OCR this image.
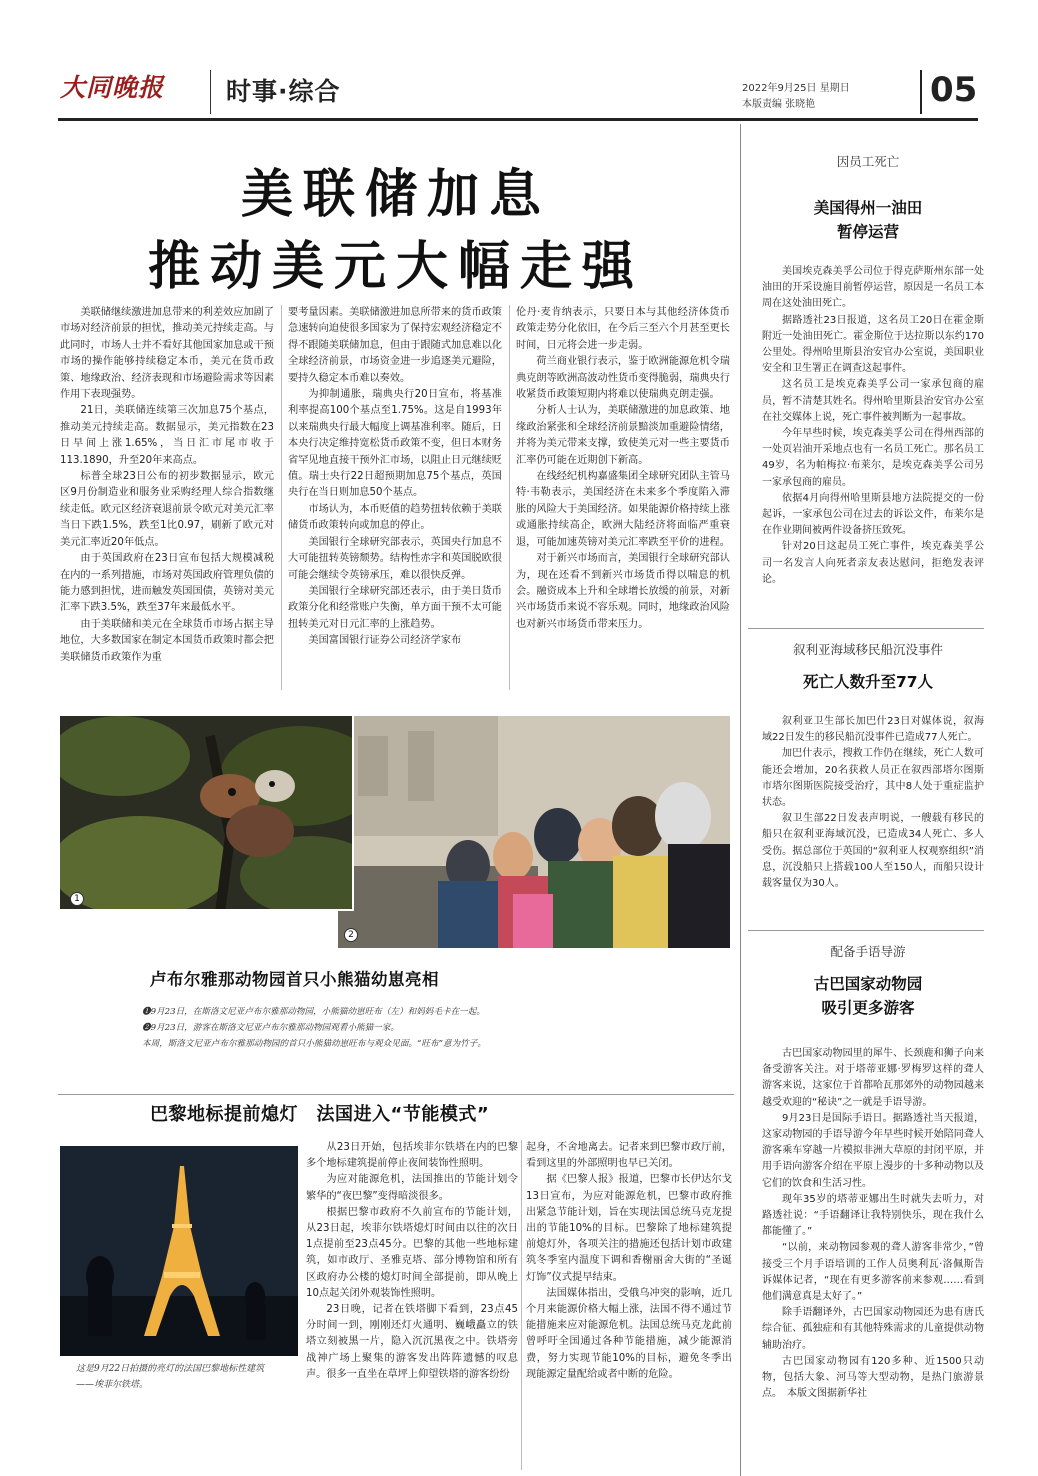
大同晚报	时事·综合	2022年9月25日 星期日
本版责编 张晓艳	05
美联储加息
推动美元大幅走强

美联储继续激进加息带来的利差效应加剧了市场对经济前景的担忧，推动美元持续走高。与此同时，市场人士并不看好其他国家加息或干预市场的操作能够持续稳定本币，美元在货币政策、地缘政治、经济表现和市场避险需求等因素作用下表现强势。

21日，美联储连续第三次加息75个基点，推动美元持续走高。数据显示，美元指数在23日早间上涨1.65%，当日汇市尾市收于113.1890，升至20年来高点。

标普全球23日公布的初步数据显示，欧元区9月份制造业和服务业采购经理人综合指数继续走低。欧元区经济衰退前景令欧元对美元汇率当日下跌1.5%，跌至1比0.97，刷新了欧元对美元汇率近20年低点。

由于英国政府在23日宣布包括大规模减税在内的一系列措施，市场对英国政府管理负债的能力感到担忧，进而触发英国国债，英镑对美元汇率下跌3.5%，跌至37年来最低水平。

由于美联储和美元在全球货币市场占据主导地位，大多数国家在制定本国货币政策时都会把美联储货币政策作为重

要考量因素。美联储激进加息所带来的货币政策急速转向迫使很多国家为了保持宏观经济稳定不得不跟随美联储加息，但由于跟随式加息难以化全球经济前景，市场资金进一步追逐美元避险，要持久稳定本币难以奏效。

为抑制通胀，瑞典央行20日宣布，将基准利率提高100个基点至1.75%。这是自1993年以来瑞典央行最大幅度上调基准利率。随后，日本央行决定维持宽松货币政策不变，但日本财务省罕见地直接干预外汇市场，以阻止日元继续贬值。瑞士央行22日超预期加息75个基点，英国央行在当日则加息50个基点。

市场认为，本币贬值的趋势扭转依赖于美联储货币政策转向或加息的停止。

美国银行全球研究部表示，英国央行加息不大可能扭转英镑颓势。结构性赤字和英国脱欧很可能会继续令英镑承压，难以很快反弹。

美国银行全球研究部还表示，由于美日货币政策分化和经常账户失衡，单方面干预不太可能扭转美元对日元汇率的上涨趋势。

美国富国银行证券公司经济学家布

伦丹·麦肯纳表示，只要日本与其他经济体货币政策走势分化依旧，在今后三至六个月甚至更长时间，日元将会进一步走弱。

荷兰商业银行表示，鉴于欧洲能源危机令瑞典克朗等欧洲高波动性货币变得脆弱，瑞典央行收紧货币政策短期内将难以使瑞典克朗走强。

分析人士认为，美联储激进的加息政策、地缘政治紧张和全球经济前景黯淡加重避险情绪，并将为美元带来支撑，致使美元对一些主要货币汇率仍可能在近期创下新高。

在线经纪机构嘉盛集团全球研究团队主管马特·韦勒表示，美国经济在未来多个季度陷入滞胀的风险大于美国经济。如果能源价格持续上涨或通胀持续高企，欧洲大陆经济将面临严重衰退，可能加速英镑对美元汇率跌至平价的进程。

对于新兴市场而言，美国银行全球研究部认为，现在还看不到新兴市场货币得以喘息的机会。融资成本上升和全球增长放缓的前景，对新兴市场货币来说不容乐观。同时，地缘政治风险也对新兴市场货币带来压力。

2
1
卢布尔雅那动物园首只小熊猫幼崽亮相
❶9月23日，在斯洛文尼亚卢布尔雅那动物园，小熊猫幼崽旺布（左）和妈妈毛卡在一起。
❷9月23日，游客在斯洛文尼亚卢布尔雅那动物园观看小熊猫一家。
本周，斯洛文尼亚卢布尔雅那动物园的首只小熊猫幼崽旺布与观众见面。“旺布”意为竹子。
巴黎地标提前熄灯　法国进入“节能模式”
这是9月22日拍摄的亮灯的法国巴黎地标性建筑——埃菲尔铁塔。

从23日开始，包括埃菲尔铁塔在内的巴黎多个地标建筑提前停止夜间装饰性照明。

为应对能源危机，法国推出的节能计划令繁华的“夜巴黎”变得暗淡很多。

根据巴黎市政府不久前宣布的节能计划，从23日起，埃菲尔铁塔熄灯时间由以往的次日1点提前至23点45分。巴黎的其他一些地标建筑，如市政厅、圣雅克塔、部分博物馆和所有区政府办公楼的熄灯时间全部提前，即从晚上10点起关闭外观装饰性照明。

23日晚，记者在铁塔脚下看到，23点45分时间一到，刚刚还灯火通明、巍峨矗立的铁塔立刻被黑一片，隐入沉沉黑夜之中。铁塔旁战神广场上聚集的游客发出阵阵遗憾的叹息声。很多一直坐在草坪上仰望铁塔的游客纷纷

起身，不舍地离去。记者来到巴黎市政厅前，看到这里的外部照明也早已关闭。

据《巴黎人报》报道，巴黎市长伊达尔戈13日宣布，为应对能源危机，巴黎市政府推出紧急节能计划，旨在实现法国总统马克龙提出的节能10%的目标。巴黎除了地标建筑提前熄灯外，各项关注的措施还包括计划市政建筑冬季室内温度下调和香榭丽舍大街的“圣诞灯饰”仪式提早结束。

法国媒体指出，受俄乌冲突的影响，近几个月来能源价格大幅上涨，法国不得不通过节能措施来应对能源危机。法国总统马克龙此前曾呼吁全国通过各种节能措施，减少能源消费，努力实现节能10%的目标，避免冬季出现能源定量配给或者中断的危险。

因员工死亡
美国得州一油田
暂停运营

美国埃克森美孚公司位于得克萨斯州东部一处油田的开采设施目前暂停运营，原因是一名员工本周在这处油田死亡。

据路透社23日报道，这名员工20日在霍金斯附近一处油田死亡。霍金斯位于达拉斯以东约170公里处。得州哈里斯县治安官办公室说，美国职业安全和卫生署正在调查这起事件。

这名员工是埃克森美孚公司一家承包商的雇员，暂不清楚其姓名。得州哈里斯县治安官办公室在社交媒体上说，死亡事件被判断为一起事故。

今年早些时候，埃克森美孚公司在得州西部的一处页岩油开采地点也有一名员工死亡。那名员工49岁，名为帕梅拉·布莱尔，是埃克森美孚公司另一家承包商的雇员。

依据4月向得州哈里斯县地方法院提交的一份起诉，一家承包公司在过去的诉讼文件，布莱尔是在作业期间被两件设备挤压致死。

针对20日这起员工死亡事件，埃克森美孚公司一名发言人向死者亲友表达慰问，拒绝发表评论。

叙利亚海域移民船沉没事件
死亡人数升至77人

叙利亚卫生部长加巴什23日对媒体说，叙海域22日发生的移民船沉没事件已造成77人死亡。

加巴什表示，搜救工作仍在继续，死亡人数可能还会增加，20名获救人员正在叙西部塔尔图斯市塔尔图斯医院接受治疗，其中8人处于重症监护状态。

叙卫生部22日发表声明说，一艘载有移民的船只在叙利亚海域沉没，已造成34人死亡、多人受伤。据总部位于英国的“叙利亚人权观察组织”消息，沉没船只上搭载100人至150人，而船只设计载客量仅为30人。

配备手语导游
古巴国家动物园
吸引更多游客

古巴国家动物园里的犀牛、长颈鹿和狮子向来备受游客关注。对于塔蒂亚娜·罗梅罗这样的聋人游客来说，这家位于首都哈瓦那郊外的动物园越来越受欢迎的“秘诀”之一就是手语导游。

9月23日是国际手语日。据路透社当天报道，这家动物园的手语导游今年早些时候开始陪同聋人游客乘车穿越一片模拟非洲大草原的封闭平原，并用手语向游客介绍在平原上漫步的十多种动物以及它们的饮食和生活习性。

现年35岁的塔蒂亚娜出生时就失去听力，对路透社说：“手语翻译让我特别快乐，现在我什么都能懂了。”

“以前，来动物园参观的聋人游客非常少，”曾接受三个月手语培训的工作人员奥利瓦·洛佩斯告诉媒体记者，“现在有更多游客前来参观……看到他们满意真是太好了。”

除手语翻译外，古巴国家动物园还为患有唐氏综合征、孤独症和有其他特殊需求的儿童提供动物辅助治疗。

古巴国家动物园有120多种、近1500只动物，包括大象、河马等大型动物，是热门旅游景点。　本版文图据新华社
